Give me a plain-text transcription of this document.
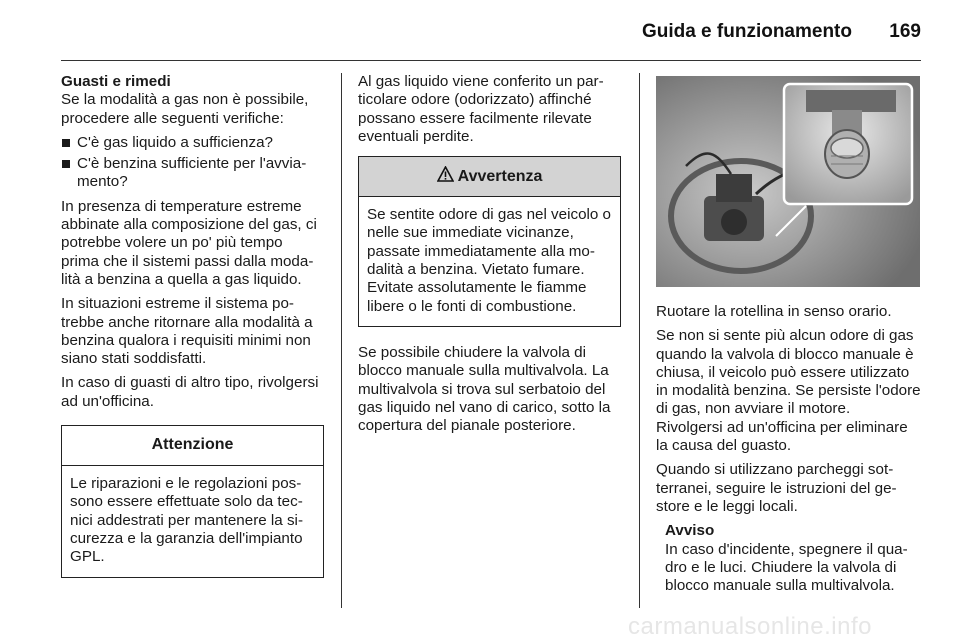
Guida e funzionamento 169
Guasti e rimedi

Se la modalità a gas non è possibile, procedere alle seguenti verifiche:

C'è gas liquido a sufficienza?
C'è benzina sufficiente per l'avviamento?

In presenza di temperature estreme abbinate alla composizione del gas, ci potrebbe volere un po' più tempo prima che il sistemi passi dalla modalità a benzina a quella a gas liquido.

In situazioni estreme il sistema potrebbe anche ritornare alla modalità a benzina qualora i requisiti minimi non siano stati soddisfatti.

In caso di guasti di altro tipo, rivolgersi ad un'officina.

Attenzione
Le riparazioni e le regolazioni possono essere effettuate solo da tecnici addestrati per mantenere la sicurezza e la garanzia dell'impianto GPL.

Al gas liquido viene conferito un particolare odore (odorizzato) affinché possano essere facilmente rilevate eventuali perdite.

Avvertenza
Se sentite odore di gas nel veicolo o nelle sue immediate vicinanze, passate immediatamente alla modalità a benzina. Vietato fumare. Evitate assolutamente le fiamme libere o le fonti di combustione.

Se possibile chiudere la valvola di blocco manuale sulla multivalvola. La multivalvola si trova sul serbatoio del gas liquido nel vano di carico, sotto la copertura del pianale posteriore.

Ruotare la rotellina in senso orario.

Se non si sente più alcun odore di gas quando la valvola di blocco manuale è chiusa, il veicolo può essere utilizzato in modalità benzina. Se persiste l'odore di gas, non avviare il motore. Rivolgersi ad un'officina per eliminare la causa del guasto.

Quando si utilizzano parcheggi sotterranei, seguire le istruzioni del gestore e le leggi locali.

Avviso
In caso d'incidente, spegnere il quadro e le luci. Chiudere la valvola di blocco manuale sulla multivalvola.
carmanualsonline.info
